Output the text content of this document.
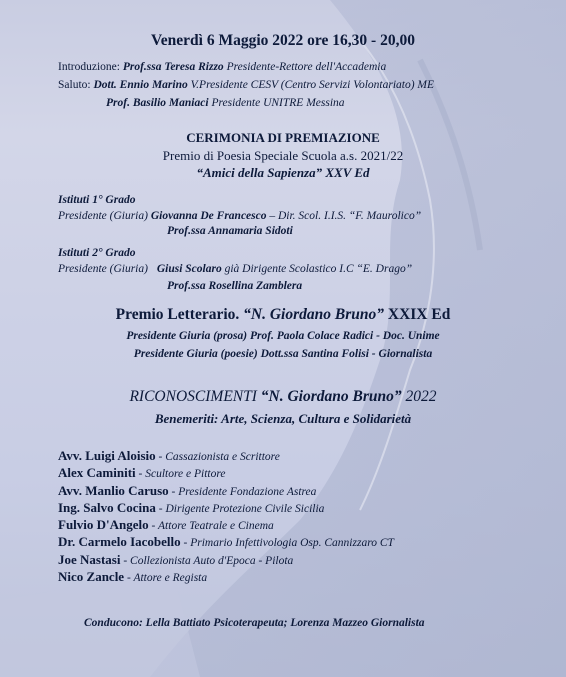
Venerdì 6 Maggio 2022 ore 16,30 - 20,00
Introduzione: Prof.ssa Teresa Rizzo Presidente-Rettore dell'Accademia
Saluto: Dott. Ennio Marino V.Presidente CESV (Centro Servizi Volontariato) ME
Prof. Basilio Maniaci Presidente UNITRE Messina
CERIMONIA DI PREMIAZIONE
Premio di Poesia Speciale Scuola a.s. 2021/22
“Amici della Sapienza” XXV Ed
Istituti 1° Grado
Presidente (Giuria) Giovanna De Francesco – Dir. Scol. I.I.S. “F. Maurolico”
Prof.ssa Annamaria Sidoti
Istituti 2° Grado
Presidente (Giuria) Giusi Scolaro già Dirigente Scolastico I.C “E. Drago”
Prof.ssa Rosellina Zamblera
Premio Letterario. “N. Giordano Bruno” XXIX Ed
Presidente Giuria (prosa) Prof. Paola Colace Radici - Doc. Unime
Presidente Giuria (poesie) Dott.ssa Santina Folisi - Giornalista
RICONOSCIMENTI “N. Giordano Bruno” 2022
Benemeriti: Arte, Scienza, Cultura e Solidarietà
Avv. Luigi Aloisio - Cassazionista e Scrittore
Alex Caminiti - Scultore e Pittore
Avv. Manlio Caruso - Presidente Fondazione Astrea
Ing. Salvo Cocina - Dirigente Protezione Civile Sicilia
Fulvio D'Angelo - Attore Teatrale e Cinema
Dr. Carmelo Iacobello - Primario Infettivologia Osp. Cannizzaro CT
Joe Nastasi - Collezionista Auto d'Epoca - Pilota
Nico Zancle - Attore e Regista
Conducono: Lella Battiato Psicoterapeuta; Lorenza Mazzeo Giornalista
